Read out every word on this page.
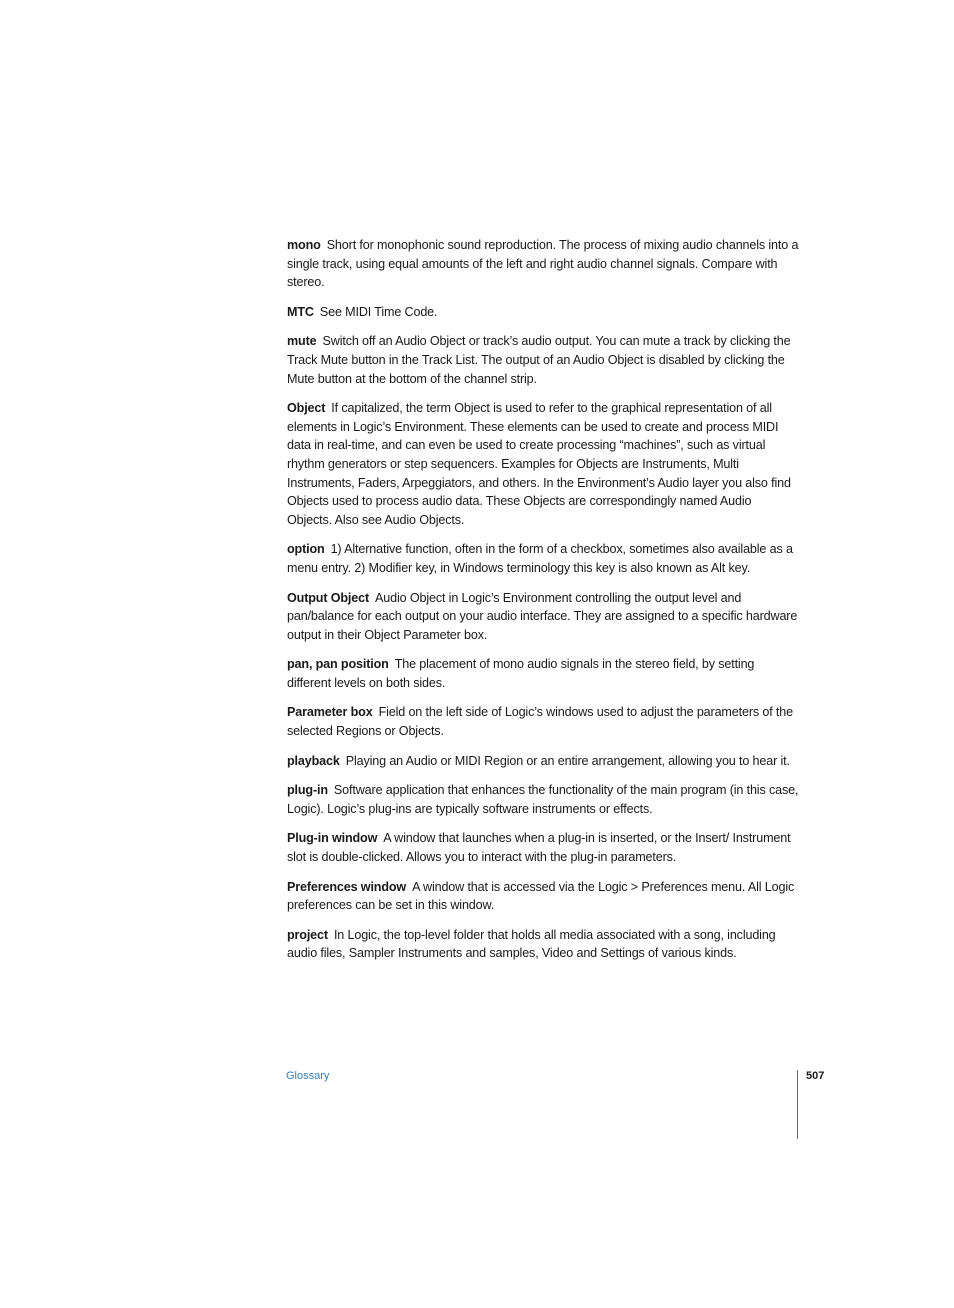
mono Short for monophonic sound reproduction. The process of mixing audio channels into a single track, using equal amounts of the left and right audio channel signals. Compare with stereo.

MTC See MIDI Time Code.

mute Switch off an Audio Object or track’s audio output. You can mute a track by clicking the Track Mute button in the Track List. The output of an Audio Object is disabled by clicking the Mute button at the bottom of the channel strip.

Object If capitalized, the term Object is used to refer to the graphical representation of all elements in Logic’s Environment. These elements can be used to create and process MIDI data in real-time, and can even be used to create processing “machines”, such as virtual rhythm generators or step sequencers. Examples for Objects are Instruments, Multi Instruments, Faders, Arpeggiators, and others. In the Environment’s Audio layer you also find Objects used to process audio data. These Objects are correspondingly named Audio Objects. Also see Audio Objects.

option 1) Alternative function, often in the form of a checkbox, sometimes also available as a menu entry. 2) Modifier key, in Windows terminology this key is also known as Alt key.

Output Object Audio Object in Logic’s Environment controlling the output level and pan/balance for each output on your audio interface. They are assigned to a specific hardware output in their Object Parameter box.

pan, pan position The placement of mono audio signals in the stereo field, by setting different levels on both sides.

Parameter box Field on the left side of Logic’s windows used to adjust the parameters of the selected Regions or Objects.

playback Playing an Audio or MIDI Region or an entire arrangement, allowing you to hear it.

plug-in Software application that enhances the functionality of the main program (in this case, Logic). Logic’s plug-ins are typically software instruments or effects.

Plug-in window A window that launches when a plug-in is inserted, or the Insert/ Instrument slot is double-clicked. Allows you to interact with the plug-in parameters.

Preferences window A window that is accessed via the Logic > Preferences menu. All Logic preferences can be set in this window.

project In Logic, the top-level folder that holds all media associated with a song, including audio files, Sampler Instruments and samples, Video and Settings of various kinds.

Glossary	507
